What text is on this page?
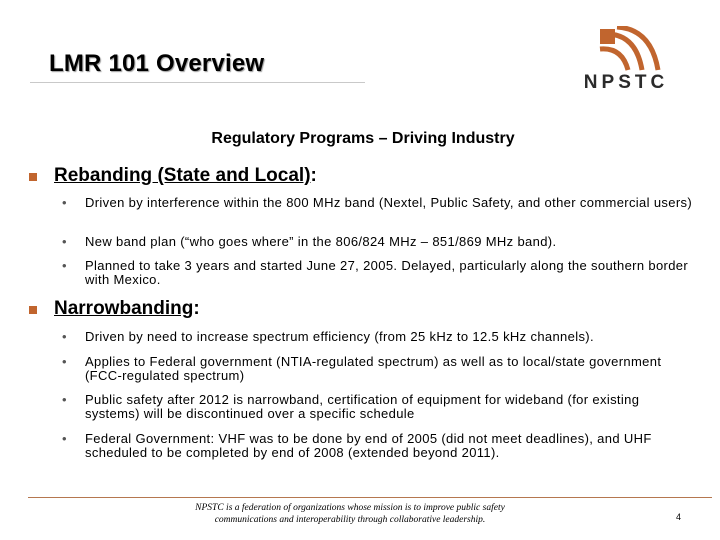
LMR 101 Overview
NPSTC
Regulatory Programs – Driving Industry
Rebanding (State and Local):
• Driven by interference within the 800 MHz band (Nextel, Public Safety, and other commercial users)
• New band plan (“who goes where” in the 806/824 MHz – 851/869 MHz band).
• Planned to take 3 years and started June 27, 2005. Delayed, particularly along the southern border with Mexico.
Narrowbanding:
• Driven by need to increase spectrum efficiency (from 25 kHz to 12.5 kHz channels).
• Applies to Federal government (NTIA-regulated spectrum) as well as to local/state government (FCC-regulated spectrum)
• Public safety after 2012 is narrowband, certification of equipment for wideband (for existing systems) will be discontinued over a specific schedule
• Federal Government: VHF was to be done by end of 2005 (did not meet deadlines), and UHF scheduled to be completed by end of 2008 (extended beyond 2011).
NPSTC is a federation of organizations whose mission is to improve public safety
communications and interoperability through collaborative leadership.	4
